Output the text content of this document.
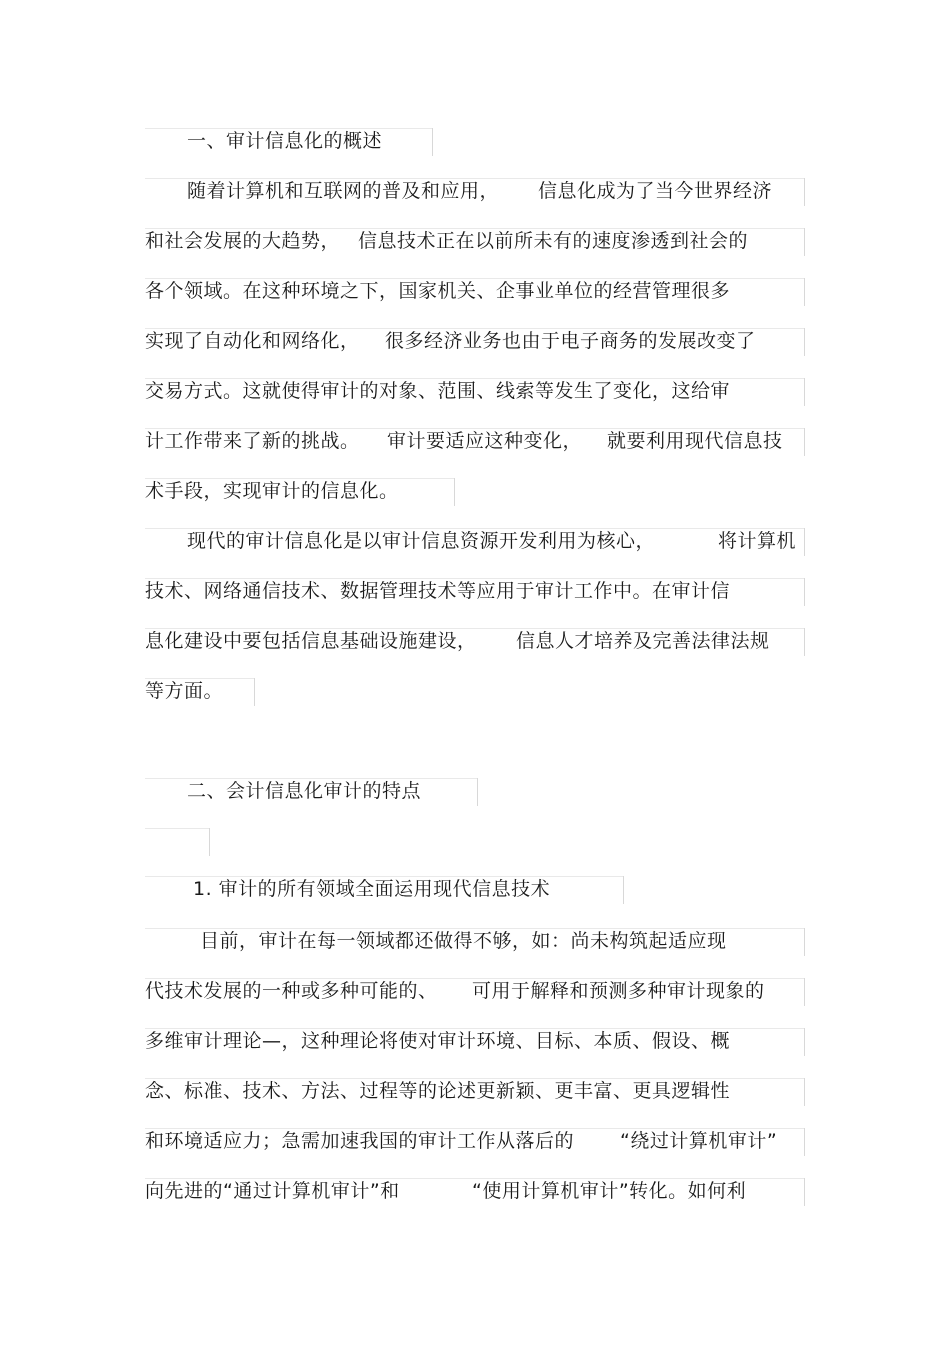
一、审计信息化的概述
随着计算机和互联网的普及和应用， 信息化成为了当今世界经济
和社会发展的大趋势， 信息技术正在以前所未有的速度渗透到社会的
各个领域。在这种环境之下，国家机关、企事业单位的经营管理很多
实现了自动化和网络化， 很多经济业务也由于电子商务的发展改变了
交易方式。这就使得审计的对象、范围、线索等发生了变化，这给审
计工作带来了新的挑战。 审计要适应这种变化， 就要利用现代信息技
术手段，实现审计的信息化。
现代的审计信息化是以审计信息资源开发利用为核心，	将计算机
技术、网络通信技术、数据管理技术等应用于审计工作中。在审计信
息化建设中要包括信息基础设施建设， 信息人才培养及完善法律法规
等方面。
二、会计信息化审计的特点
1. 审计的所有领域全面运用现代信息技术
目前，审计在每一领域都还做得不够，如：尚未构筑起适应现
代技术发展的一种或多种可能的、 可用于解释和预测多种审计现象的
多维审计理论—，这种理论将使对审计环境、目标、本质、假设、概
念、标准、技术、方法、过程等的论述更新颖、更丰富、更具逻辑性
和环境适应力；急需加速我国的审计工作从落后的 “绕过计算机审计”
向先进的“通过计算机审计”和	“使用计算机审计”转化。如何利
